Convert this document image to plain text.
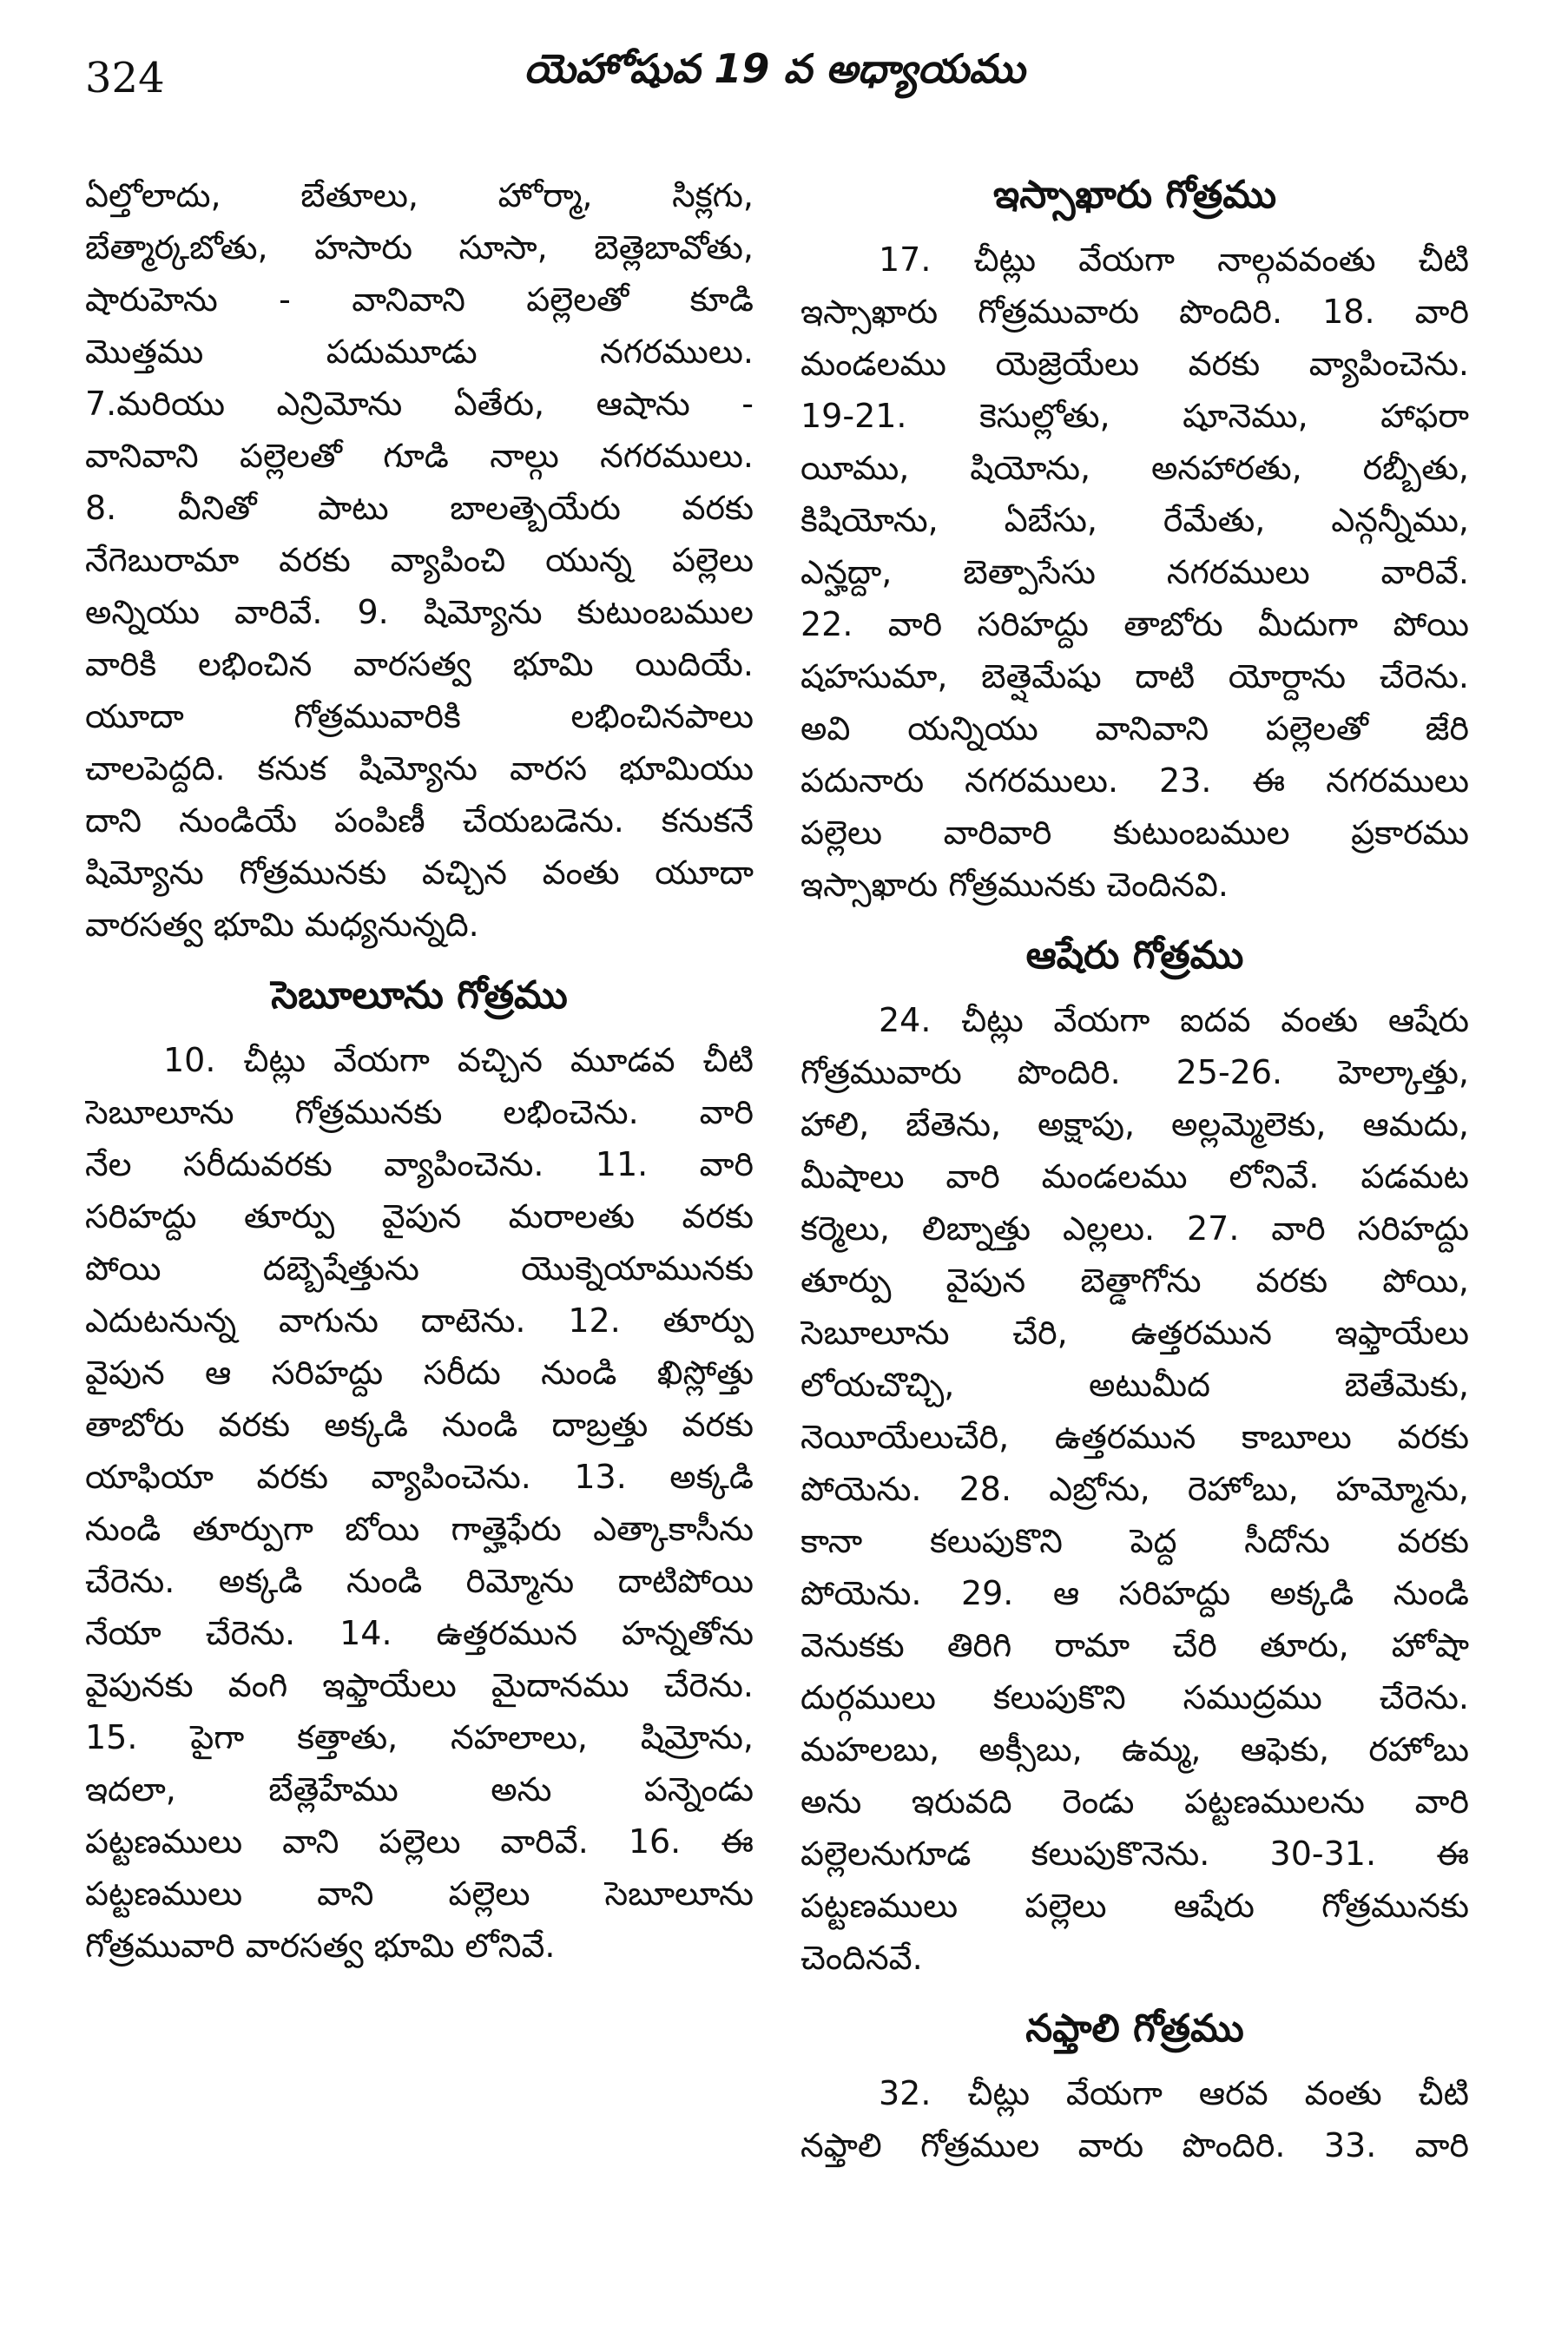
324	యెహోషువ 19 వ అధ్యాయము
ఏల్తోలాదు, బేతూలు, హోర్మా, సిక్లగు,
బేత్మార్కబోతు, హసారు సూసా, బెత్లెబావోతు,
షారుహెను - వానివాని పల్లెలతో కూడి
మొత్తము పదుమూడు నగరములు.
7.మరియు ఎన్రిమోను ఏతేరు, ఆషాను -
వానివాని పల్లెలతో గూడి నాల్గు నగరములు.
8. వీనితో పాటు బాలత్బెయేరు వరకు
నేగెబురామా వరకు వ్యాపించి యున్న పల్లెలు
అన్నియు వారివే. 9. షిమ్యోను కుటుంబముల
వారికి లభించిన వారసత్వ భూమి యిదియే.
యూదా గోత్రమువారికి లభించినపాలు
చాలపెద్దది. కనుక షిమ్యోను వారస భూమియు
దాని నుండియే పంపిణీ చేయబడెను. కనుకనే
షిమ్యోను గోత్రమునకు వచ్చిన వంతు యూదా
వారసత్వ భూమి మధ్యనున్నది.
సెబూలూను గోత్రము
10. చీట్లు వేయగా వచ్చిన మూడవ చీటి
సెబూలూను గోత్రమునకు లభించెను. వారి
నేల సరీదువరకు వ్యాపించెను. 11. వారి
సరిహద్దు తూర్పు వైపున మరాలతు వరకు
పోయి దబ్బెషేత్తును యొక్నెయామునకు
ఎదుటనున్న వాగును దాటెను. 12. తూర్పు
వైపున ఆ సరిహద్దు సరీదు నుండి ఖిస్లోత్తు
తాబోరు వరకు అక్కడి నుండి దాబ్రత్తు వరకు
యాఫియా వరకు వ్యాపించెను. 13. అక్కడి
నుండి తూర్పుగా బోయి గాత్హెఫేరు ఎత్కాకాసీను
చేరెను. అక్కడి నుండి రిమ్మోను దాటిపోయి
నేయా చేరెను. 14. ఉత్తరమున హన్నతోను
వైపునకు వంగి ఇఫ్తాయేలు మైదానము చేరెను.
15. పైగా కత్తాతు, నహలాలు, షిమ్రోను,
ఇదలా, బేత్లెహేము అను పన్నెండు
పట్టణములు వాని పల్లెలు వారివే. 16. ఈ
పట్టణములు వాని పల్లెలు సెబూలూను
గోత్రమువారి వారసత్వ భూమి లోనివే.
ఇస్సాఖారు గోత్రము
17. చీట్లు వేయగా నాల్గవవంతు చీటి
ఇస్సాఖారు గోత్రమువారు పొందిరి. 18. వారి
మండలము యెజ్రెయేలు వరకు వ్యాపించెను.
19-21. కెసుల్లోతు, షూనెము, హాఫరా
యీము, షియోను, అనహారతు, రబ్బీతు,
కిషియోను, ఏబేసు, రేమేతు, ఎన్గన్నీము,
ఎన్హద్దా, బెత్పాసేసు నగరములు వారివే.
22. వారి సరిహద్దు తాబోరు మీదుగా పోయి
షహసుమా, బెత్షెమేషు దాటి యోర్దాను చేరెను.
అవి యన్నియు వానివాని పల్లెలతో జేరి
పదునారు నగరములు. 23. ఈ నగరములు
పల్లెలు వారివారి కుటుంబముల ప్రకారము
ఇస్సాఖారు గోత్రమునకు చెందినవి.
ఆషేరు గోత్రము
24. చీట్లు వేయగా ఐదవ వంతు ఆషేరు
గోత్రమువారు పొందిరి. 25-26. హెల్కాత్తు,
హాలి, బేతెను, అక్షాపు, అల్లమ్మెలెకు, ఆమదు,
మీషాలు వారి మండలము లోనివే. పడమట
కర్మెలు, లిబ్నాత్తు ఎల్లలు. 27. వారి సరిహద్దు
తూర్పు వైపున బెత్డాగోను వరకు పోయి,
సెబూలూను చేరి, ఉత్తరమున ఇఫ్తాయేలు
లోయచొచ్చి, అటుమీద బెతేమెకు,
నెయీయేలుచేరి, ఉత్తరమున కాబూలు వరకు
పోయెను. 28. ఎబ్రోను, రెహోబు, హమ్మోను,
కానా కలుపుకొని పెద్ద సీదోను వరకు
పోయెను. 29. ఆ సరిహద్దు అక్కడి నుండి
వెనుకకు తిరిగి రామా చేరి తూరు, హోషా
దుర్గములు కలుపుకొని సముద్రము చేరెను.
మహలబు, అక్సీబు, ఉమ్మ, ఆఫెకు, రహోబు
అను ఇరువది రెండు పట్టణములను వారి
పల్లెలనుగూడ కలుపుకొనెను. 30-31. ఈ
పట్టణములు పల్లెలు ఆషేరు గోత్రమునకు
చెందినవే.
నఫ్తాలి గోత్రము
32. చీట్లు వేయగా ఆరవ వంతు చీటి
నఫ్తాలి గోత్రముల వారు పొందిరి. 33. వారి
